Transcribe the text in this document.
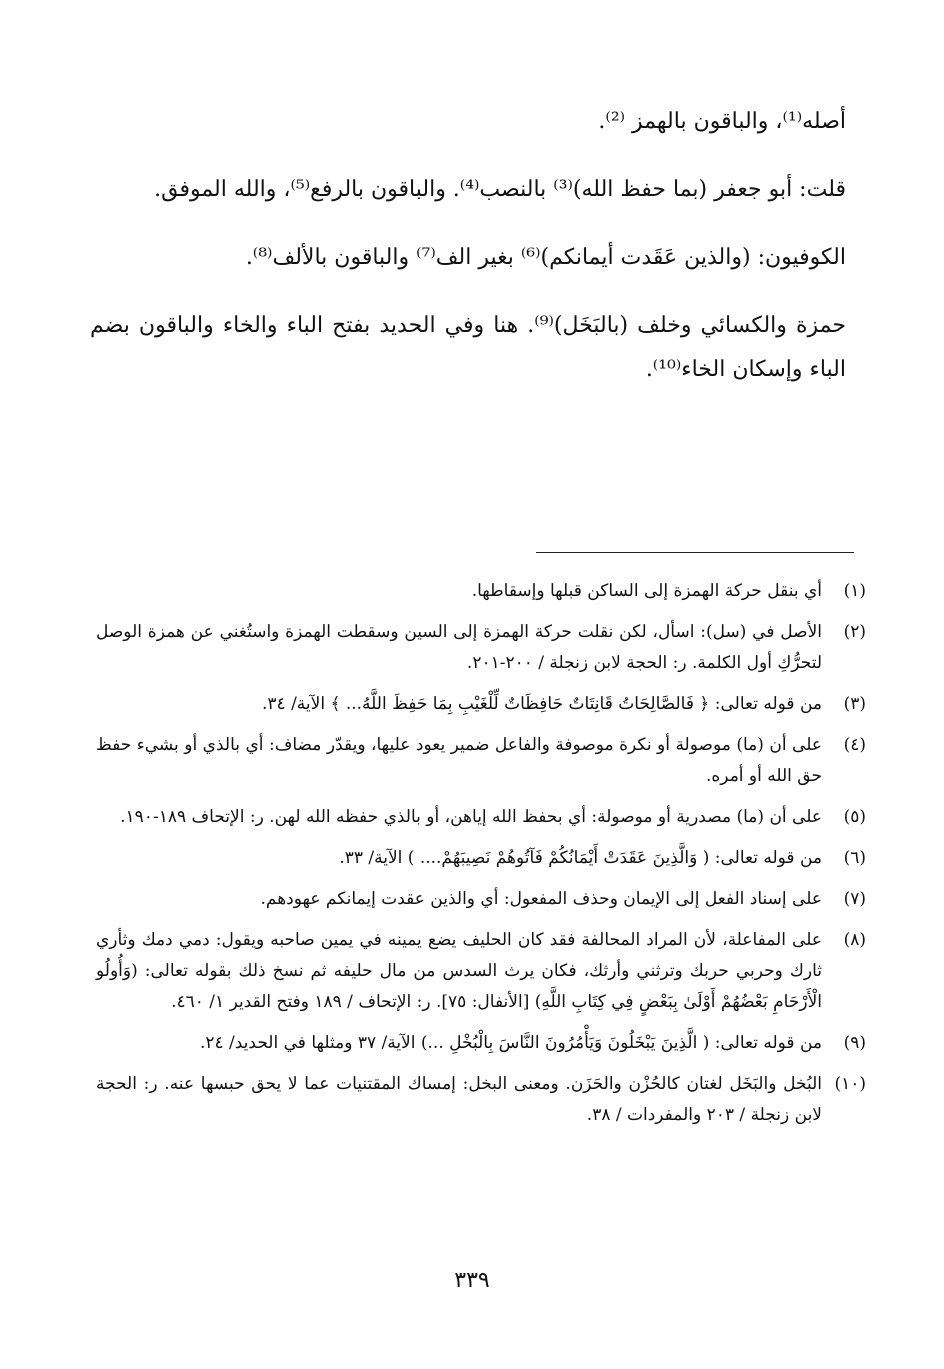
أصله⁽¹⁾، والباقون بالهمز ⁽²⁾.

قلت: أبو جعفر (بما حفظ الله)⁽³⁾ بالنصب⁽⁴⁾. والباقون بالرفع⁽⁵⁾، والله الموفق.

الكوفيون: (والذين عَقَدت أيمانكم)⁽⁶⁾ بغير الف⁽⁷⁾ والباقون بالألف⁽⁸⁾.

حمزة والكسائي وخلف (بالبَخَل)⁽⁹⁾. هنا وفي الحديد بفتح الباء والخاء والباقون بضم الباء وإسكان الخاء⁽¹⁰⁾.

(١)
أي بنقل حركة الهمزة إلى الساكن قبلها وإسقاطها.
(٢)
الأصل في (سل): اسأل، لكن نقلت حركة الهمزة إلى السين وسقطت الهمزة واستُغني عن همزة الوصل لتحرُّكِ أول الكلمة. ر: الحجة لابن زنجلة / ٢٠٠-٢٠١.
(٣)
من قوله تعالى: ﴿ فَالصَّالِحَاتُ قَانِتَاتٌ حَافِظَاتٌ لِّلْغَيْبِ بِمَا حَفِظَ اللَّهُ... ﴾ الآية/ ٣٤.
(٤)
على أن (ما) موصولة أو نكرة موصوفة والفاعل ضمير يعود عليها، ويقدّر مضاف: أي بالذي أو بشيء حفظ حق الله أو أمره.
(٥)
على أن (ما) مصدرية أو موصولة: أي بحفظ الله إياهن، أو بالذي حفظه الله لهن. ر: الإتحاف ١٨٩-١٩٠.
(٦)
من قوله تعالى: ( وَالَّذِينَ عَقَدَتْ أَيْمَانُكُمْ فَآتُوهُمْ نَصِيبَهُمْ.... ) الآية/ ٣٣.
(٧)
على إسناد الفعل إلى الإيمان وحذف المفعول: أي والذين عقدت إيمانكم عهودهم.
(٨)
على المفاعلة، لأن المراد المحالفة فقد كان الحليف يضع يمينه في يمين صاحبه ويقول: دمي دمك وثأري ثارك وحربي حربك وترثني وأرثك، فكان يرث السدس من مال حليفه ثم نسخ ذلك بقوله تعالى: (وَأُولُو الْأَرْحَامِ بَعْضُهُمْ أَوْلَىٰ بِبَعْضٍ فِي كِتَابِ اللَّهِ) [الأنفال: ٧٥]. ر: الإتحاف / ١٨٩ وفتح القدير ١/ ٤٦٠.
(٩)
من قوله تعالى: ( الَّذِينَ يَبْخَلُونَ وَيَأْمُرُونَ النَّاسَ بِالْبُخْلِ ...) الآية/ ٣٧ ومثلها في الحديد/ ٢٤.
(١٠)
البُخل والبَخَل لغتان كالحُزْن والحَزَن. ومعنى البخل: إمساك المقتنيات عما لا يحق حبسها عنه. ر: الحجة لابن زنجلة / ٢٠٣ والمفردات / ٣٨.
٣٣٩
